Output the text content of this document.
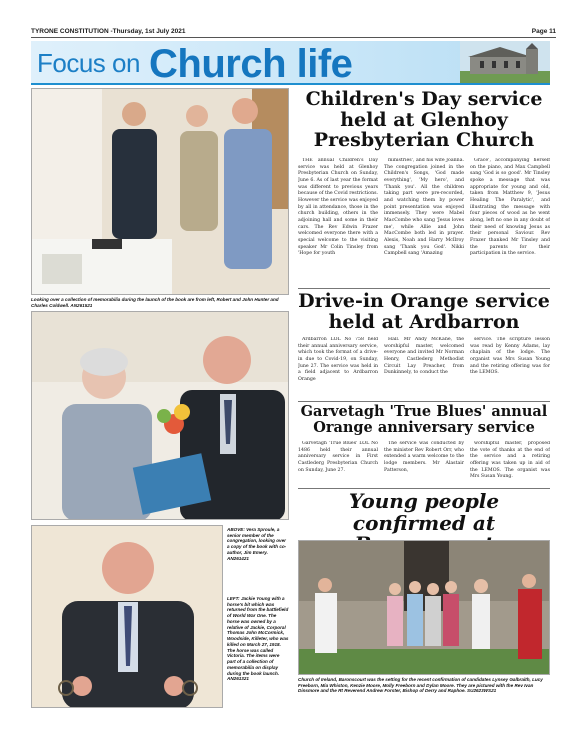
TYRONE CONSTITUTION -Thursday, 1st July 2021	Page 11
Focus on Church life
Looking over a collection of memorabilia during the launch of the book are from left, Robert and John Hunter and Charles Coldwell. AN261521
ABOVE: Vera Sproule, a senior member of the congregation, looking over a copy of the book with co-author, Jim Emery. AN261421
LEFT: Jackie Young with a horse's bit which was returned from the battlefield of World War One. The horse was owned by a relative of Jackie, Corporal Thomas John McCormick, Woodside, Killeter, who was killed on March 27, 1918. The horse was called Victoria. The items were part of a collection of memorabilia on display during the book launch. AN261321
Children's Day service held at Glenhoy Presbyterian Church

THE annual Children's Day service was held at Glenhoy Presbyterian Church on Sunday, June 6. As of last year the format was different to previous years because of the Covid restrictions. However the service was enjoyed by all in attendance, those in the church building, others in the adjoining hall and some in their cars. The Rev Edwin Frazer welcomed everyone there with a special welcome to the visiting speaker Mr Colin Tinsley from 'Hope for youth

ministries', and his wife Joanna. The congregation joined in the Children's Songs, 'God made everything', 'My hero', and 'Thank you'. All the children taking part were pre-recorded, and watching them by power point presentation was enjoyed immensely. They were Mabel MacCombe who sang 'Jesus loves me', while Allie and John MacCombe both led in prayer. Alexis, Noah and Harry McIlroy sang 'Thank you God'. Nikki Campbell sang 'Amazing

Grace', accompanying herself on the piano, and Max Campbell sang 'God is so good'. Mr Tinsley spoke a message that was appropriate for young and old, taken from Matthew 9, 'Jesus Healing The Paralytic', and illustrating the message with four pieces of wood as he went along, left no one in any doubt of their need of knowing Jesus as their personal Saviour. Rev Frazer thanked Mr Tinsley and the parents for their participation in the service.

Drive-in Orange service held at Ardbarron

Ardbarron LOL No 758 held their annual anniversary service, which took the format of a drive-in due to Covid-19, on Sunday, June 27. The service was held in a field adjacent to Ardbarron Orange

Hall. Mr Andy McKane, the worshipful master, welcomed everyone and invited Mr Norman Henry, Castlederg Methodist Circuit Lay Preacher, from Dunkinnely, to conduct the

service. The scripture lesson was read by Kenny Adams, lay chaplain of the lodge. The organist was Mrs Susan Young and the retiring offering was for the LEMOS.

Garvetagh 'True Blues' annual Orange anniversary service

Garvetagh 'True Blues' LOL No 1486 held their annual anniversary service in First Castlederg Presbyterian Church on Sunday, June 27.

The service was conducted by the minister Rev Robert Orr, who extended a warm welcome to the lodge members. Mr Alastair Patterson,

worshipful master, proposed the vote of thanks at the end of the service and a retiring offering was taken up in aid of the LEMOS. The organist was Mrs Susan Young.

Young people confirmed at
Church of Ireland, Baronscourt was the setting for the recent confirmation of candidates Lynsey Galbraith, Lucy Freeborn, Mia Whiston, Kenzie Moore, Molly Freeborn and Dylan Moore. They are pictured with the Rev Ivan Dinsmore and the Rt Reverend Andrew Forster, Bishop of Derry and Raphoe. SU2623WS21
